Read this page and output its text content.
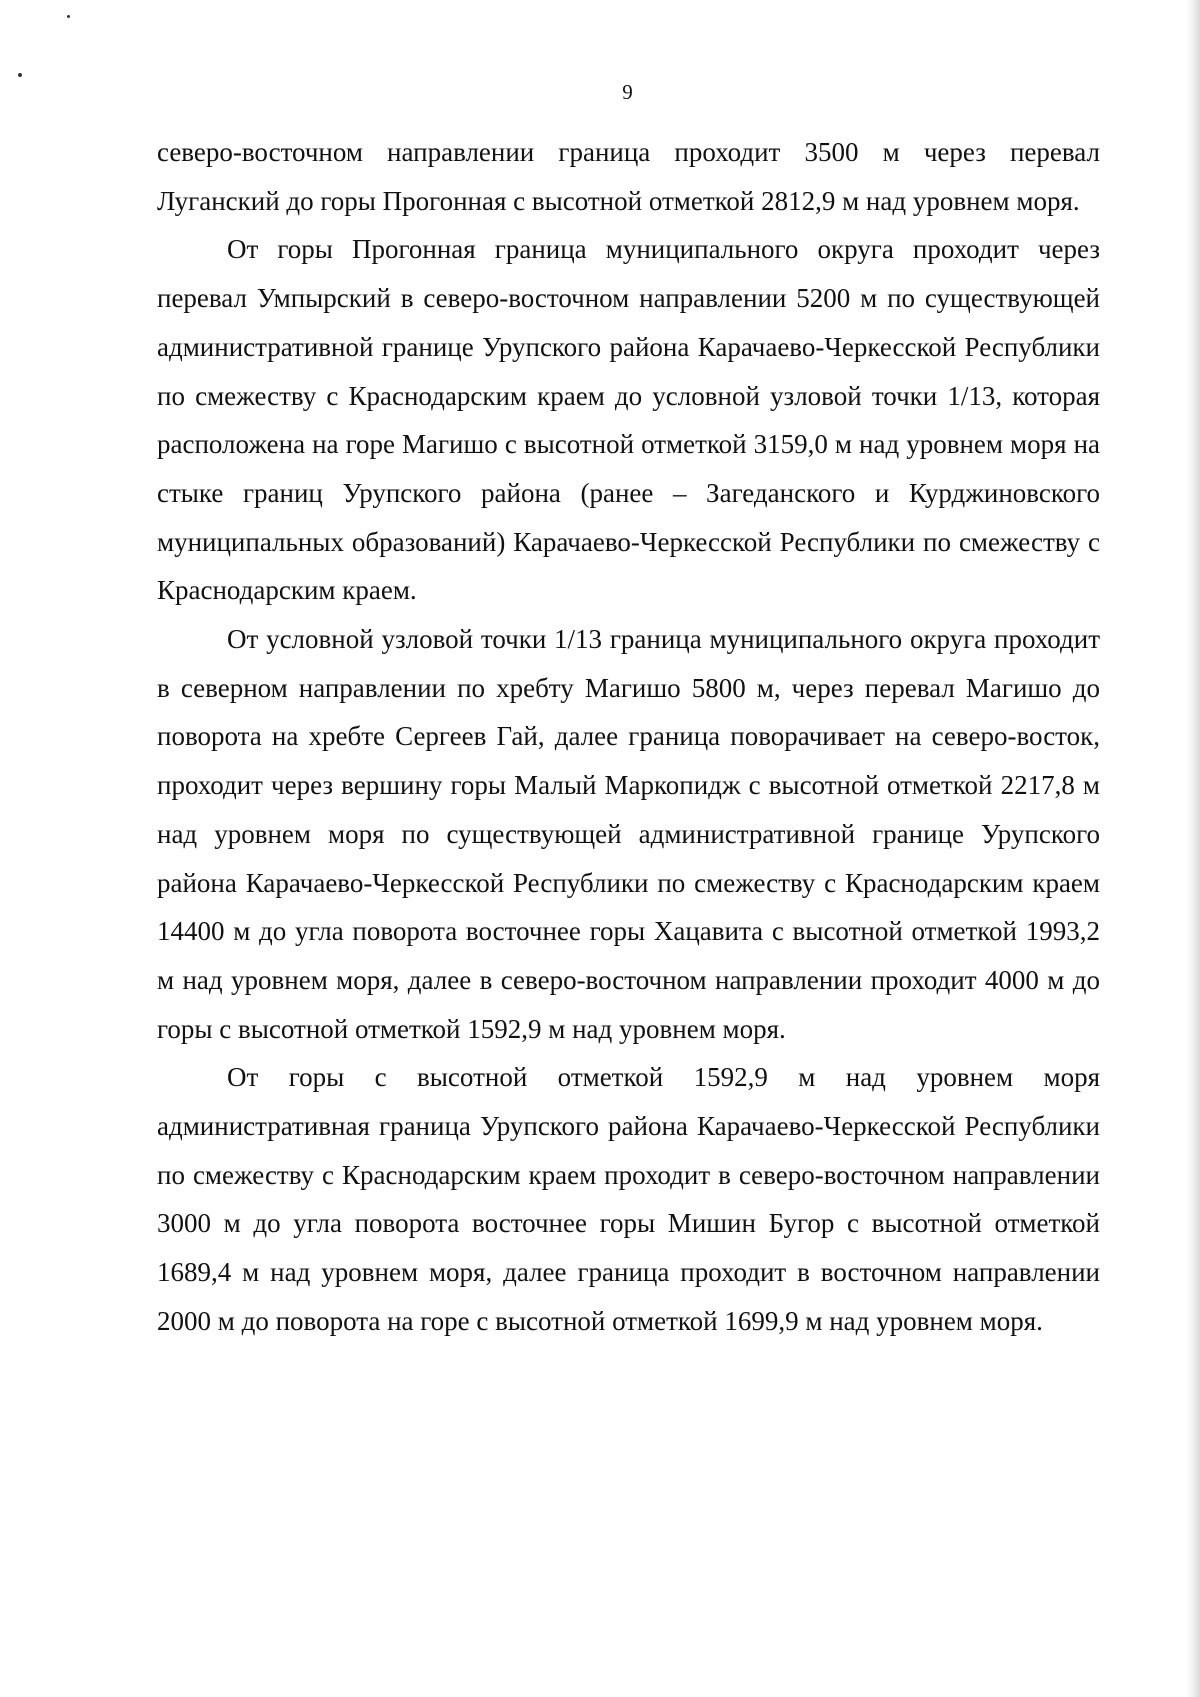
9

северо-восточном направлении граница проходит 3500 м через перевал Луганский до горы Прогонная с высотной отметкой 2812,9 м над уровнем моря.

От горы Прогонная граница муниципального округа проходит через перевал Умпырский в северо-восточном направлении 5200 м по существующей административной границе Урупского района Карачаево-Черкесской Республики по смежеству с Краснодарским краем до условной узловой точки 1/13, которая расположена на горе Магишо с высотной отметкой 3159,0 м над уровнем моря на стыке границ Урупского района (ранее – Загеданского и Курджиновского муниципальных образований) Карачаево-Черкесской Республики по смежеству с Краснодарским краем.

От условной узловой точки 1/13 граница муниципального округа проходит в северном направлении по хребту Магишо 5800 м, через перевал Магишо до поворота на хребте Сергеев Гай, далее граница поворачивает на северо-восток, проходит через вершину горы Малый Маркопидж с высотной отметкой 2217,8 м над уровнем моря по существующей административной границе Урупского района Карачаево-Черкесской Республики по смежеству с Краснодарским краем 14400 м до угла поворота восточнее горы Хацавита с высотной отметкой 1993,2 м над уровнем моря, далее в северо-восточном направлении проходит 4000 м до горы с высотной отметкой 1592,9 м над уровнем моря.

От горы с высотной отметкой 1592,9 м над уровнем моря административная граница Урупского района Карачаево-Черкесской Республики по смежеству с Краснодарским краем проходит в северо-восточном направлении 3000 м до угла поворота восточнее горы Мишин Бугор с высотной отметкой 1689,4 м над уровнем моря, далее граница проходит в восточном направлении 2000 м до поворота на горе с высотной отметкой 1699,9 м над уровнем моря.
